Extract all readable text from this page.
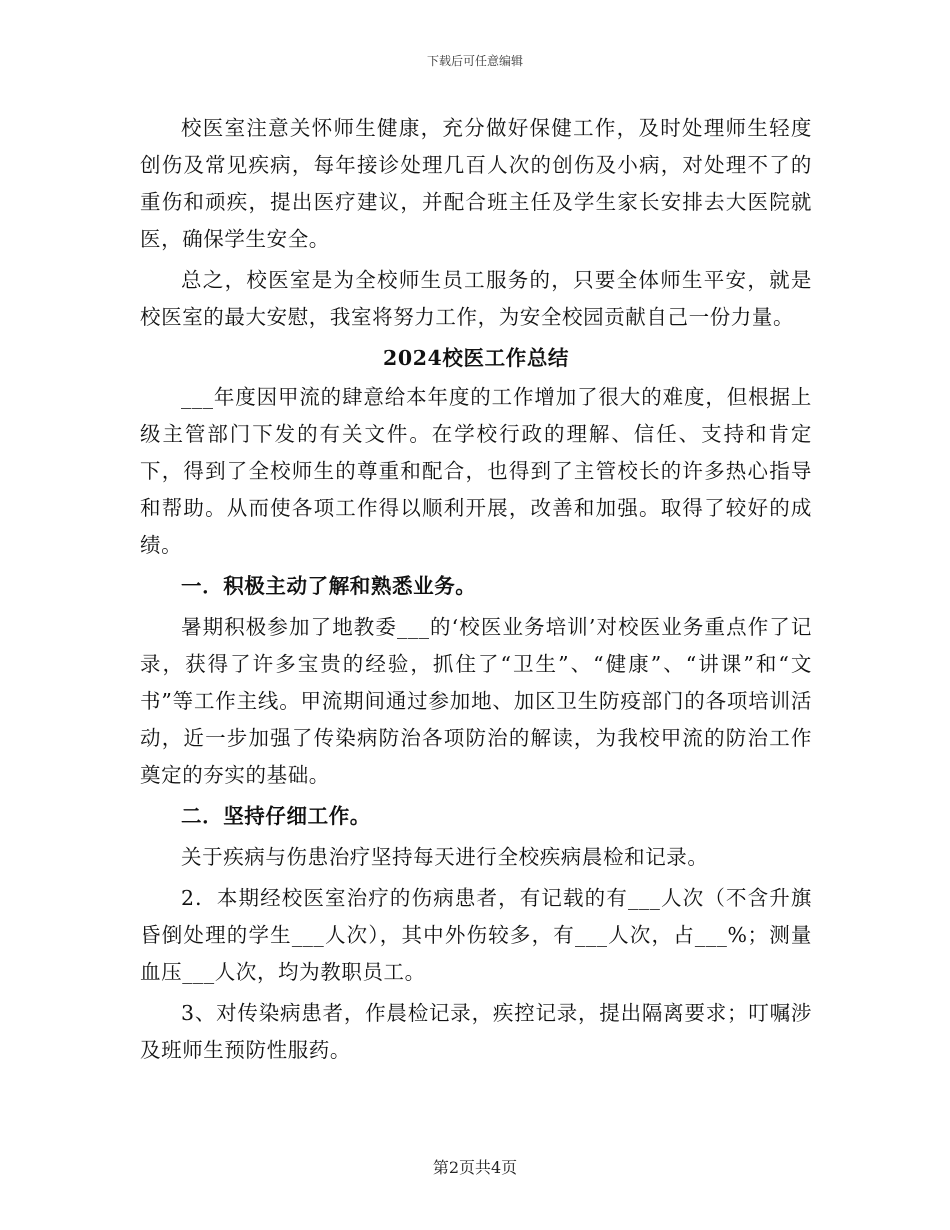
下载后可任意编辑

校医室注意关怀师生健康，充分做好保健工作，及时处理师生轻度创伤及常见疾病，每年接诊处理几百人次的创伤及小病，对处理不了的重伤和顽疾，提出医疗建议，并配合班主任及学生家长安排去大医院就医，确保学生安全。

总之，校医室是为全校师生员工服务的，只要全体师生平安，就是校医室的最大安慰，我室将努力工作，为安全校园贡献自己一份力量。

2024校医工作总结

___年度因甲流的肆意给本年度的工作增加了很大的难度，但根据上级主管部门下发的有关文件。在学校行政的理解、信任、支持和肯定下，得到了全校师生的尊重和配合，也得到了主管校长的许多热心指导和帮助。从而使各项工作得以顺利开展，改善和加强。取得了较好的成绩。

一．积极主动了解和熟悉业务。

暑期积极参加了地教委___的‘校医业务培训’对校医业务重点作了记录，获得了许多宝贵的经验，抓住了“卫生”、“健康”、“讲课”和“文书”等工作主线。甲流期间通过参加地、加区卫生防疫部门的各项培训活动，近一步加强了传染病防治各项防治的解读，为我校甲流的防治工作奠定的夯实的基础。

二．坚持仔细工作。

关于疾病与伤患治疗坚持每天进行全校疾病晨检和记录。

2．本期经校医室治疗的伤病患者，有记载的有___人次（不含升旗昏倒处理的学生___人次），其中外伤较多，有___人次，占___%；测量血压___人次，均为教职员工。

3、对传染病患者，作晨检记录，疾控记录，提出隔离要求；叮嘱涉及班师生预防性服药。

第2页共4页
